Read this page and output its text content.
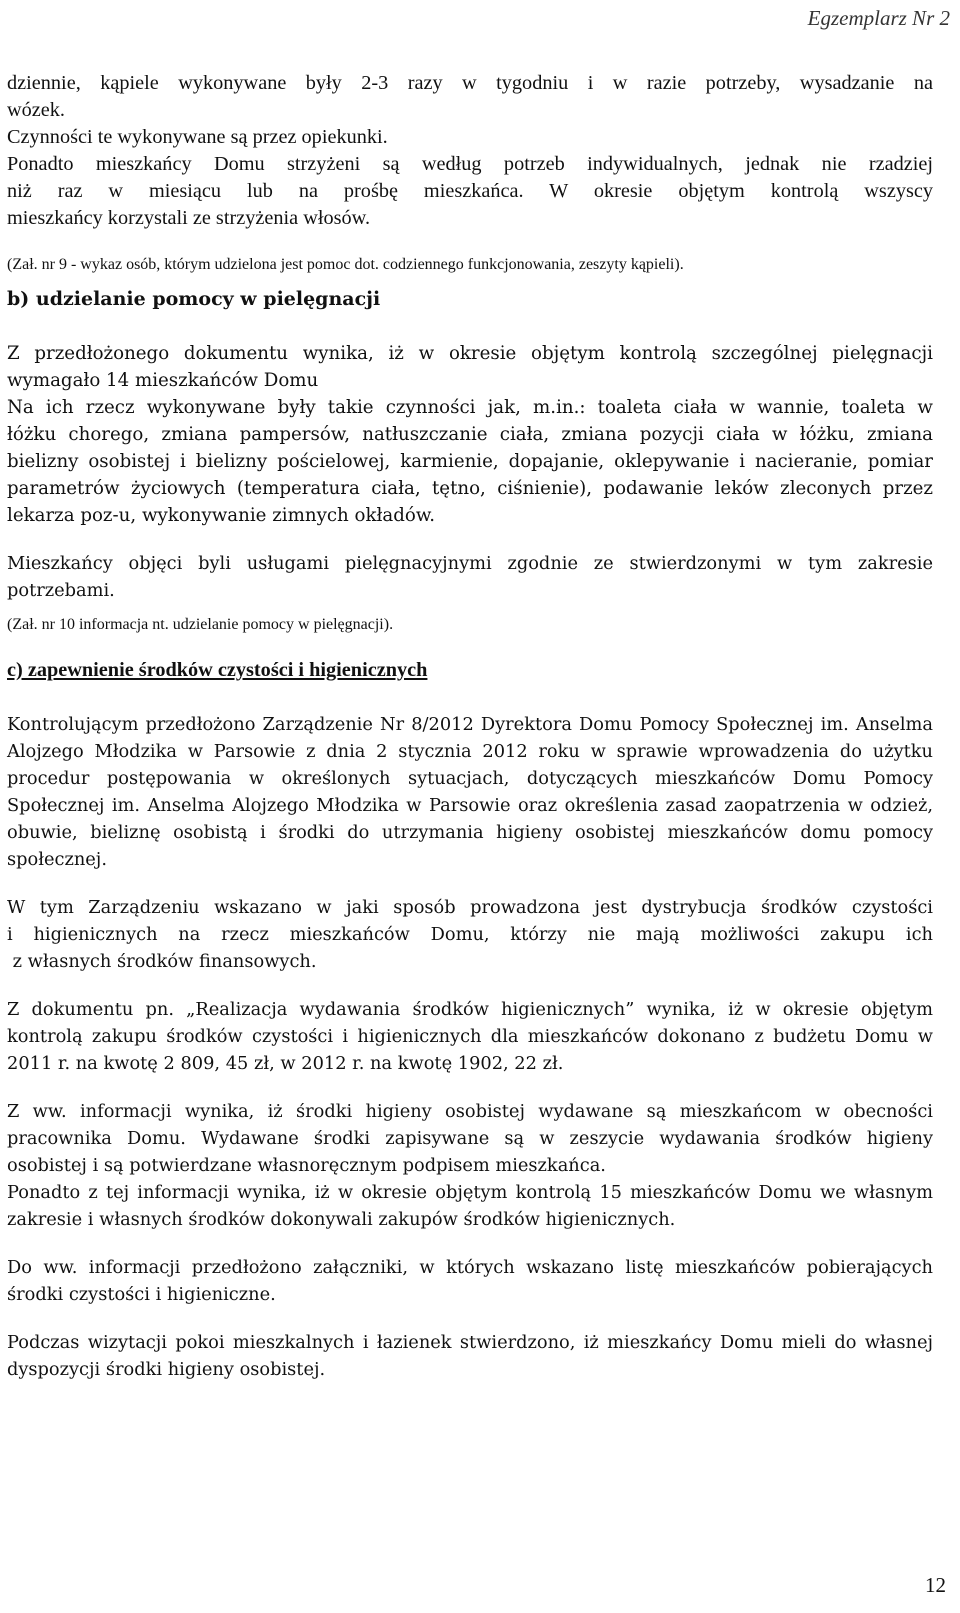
Egzemplarz Nr 2

dziennie, kąpiele wykonywane były 2-3 razy w tygodniu i w razie potrzeby, wysadzanie na

wózek.

Czynności te wykonywane są przez opiekunki.

Ponadto mieszkańcy Domu strzyżeni są według potrzeb indywidualnych, jednak nie rzadziej

niż raz w miesiącu lub na prośbę mieszkańca. W okresie objętym kontrolą wszyscy

mieszkańcy korzystali ze strzyżenia włosów.

(Zał. nr 9 - wykaz osób, którym udzielona jest pomoc dot. codziennego funkcjonowania, zeszyty kąpieli).

b) udzielanie pomocy w pielęgnacji

Z przedłożonego dokumentu wynika, iż w okresie objętym kontrolą szczególnej pielęgnacji

wymagało 14 mieszkańców Domu

Na ich rzecz wykonywane były takie czynności jak, m.in.: toaleta ciała w wannie, toaleta w

łóżku chorego, zmiana pampersów, natłuszczanie ciała, zmiana pozycji ciała w łóżku, zmiana bielizny osobistej i bielizny pościelowej, karmienie, dopajanie, oklepywanie i nacieranie, pomiar parametrów życiowych (temperatura ciała, tętno, ciśnienie), podawanie leków zleconych przez lekarza poz-u, wykonywanie zimnych okładów.

Mieszkańcy objęci byli usługami pielęgnacyjnymi zgodnie ze stwierdzonymi w tym zakresie potrzebami.

(Zał. nr 10 informacja nt. udzielanie pomocy w pielęgnacji).

c) zapewnienie środków czystości i higienicznych

Kontrolującym przedłożono Zarządzenie Nr 8/2012 Dyrektora Domu Pomocy Społecznej im. Anselma Alojzego Młodzika w Parsowie z dnia 2 stycznia 2012 roku w sprawie wprowadzenia do użytku procedur postępowania w określonych sytuacjach, dotyczących mieszkańców Domu Pomocy Społecznej im. Anselma Alojzego Młodzika w Parsowie oraz określenia zasad zaopatrzenia w odzież, obuwie, bieliznę osobistą i środki do utrzymania higieny osobistej mieszkańców domu pomocy społecznej.

W tym Zarządzeniu wskazano w jaki sposób prowadzona jest dystrybucja środków czystości

i higienicznych na rzecz mieszkańców Domu, którzy nie mają możliwości zakupu ich

z własnych środków finansowych.

Z dokumentu pn. „Realizacja wydawania środków higienicznych” wynika, iż w okresie objętym kontrolą zakupu środków czystości i higienicznych dla mieszkańców dokonano z budżetu Domu w 2011 r. na kwotę 2 809, 45 zł, w 2012 r. na kwotę 1902, 22 zł.

Z ww. informacji wynika, iż środki higieny osobistej wydawane są mieszkańcom w obecności

pracownika Domu. Wydawane środki zapisywane są w zeszycie wydawania środków higieny

osobistej i są potwierdzane własnoręcznym podpisem mieszkańca.

Ponadto z tej informacji wynika, iż w okresie objętym kontrolą 15 mieszkańców Domu we własnym zakresie i własnych środków dokonywali zakupów środków higienicznych.

Do ww. informacji przedłożono załączniki, w których wskazano listę mieszkańców pobierających środki czystości i higieniczne.

Podczas wizytacji pokoi mieszkalnych i łazienek stwierdzono, iż mieszkańcy Domu mieli do własnej dyspozycji środki higieny osobistej.

12
